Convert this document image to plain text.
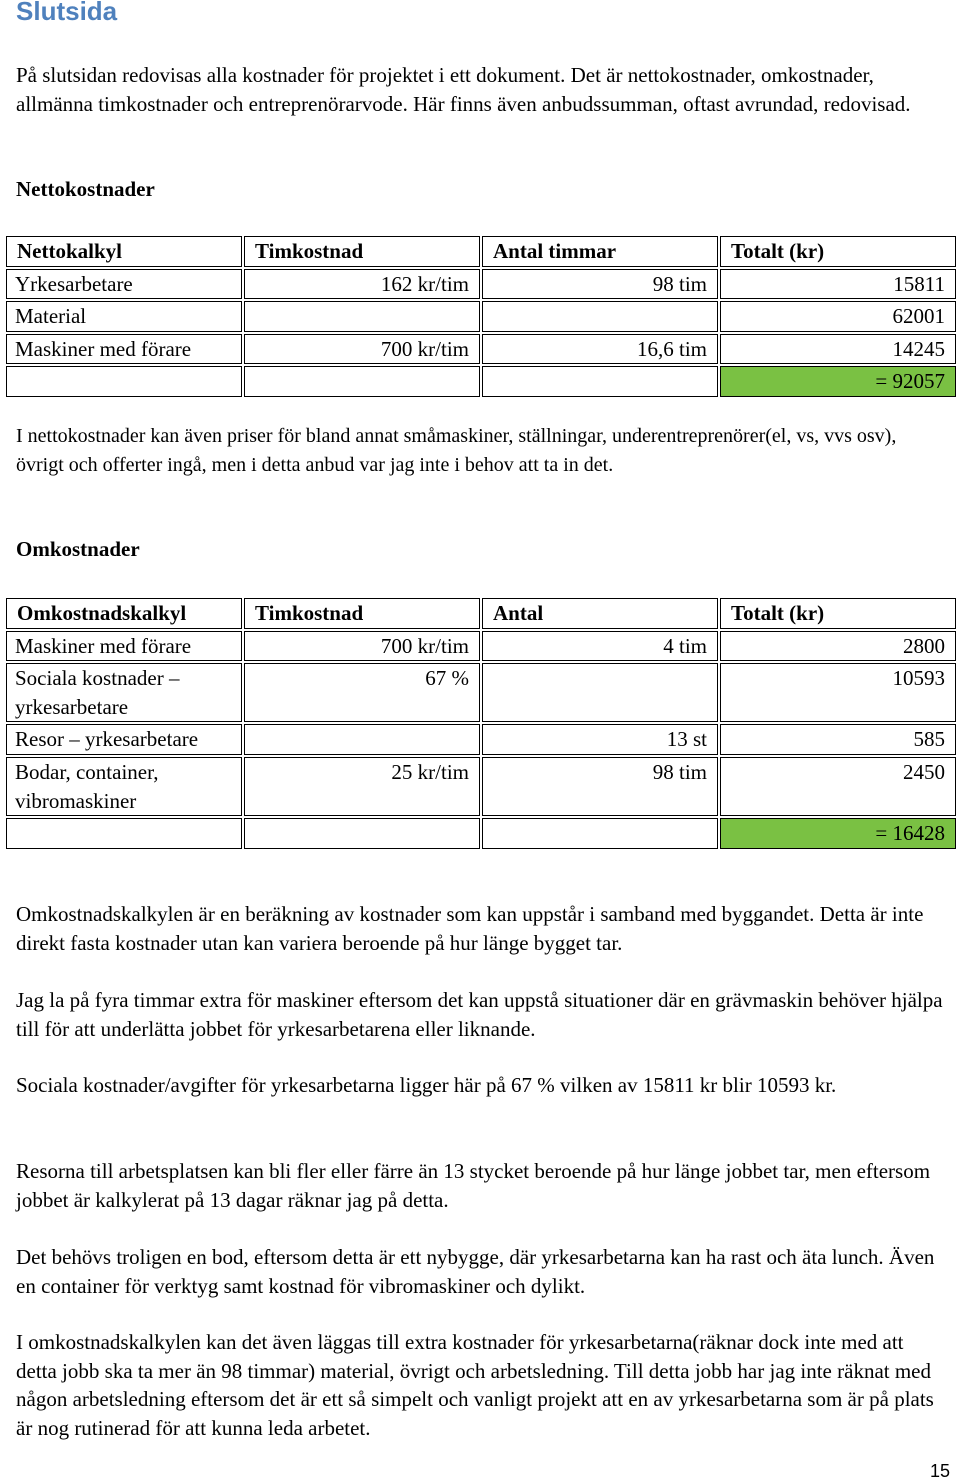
Slutsida

På slutsidan redovisas alla kostnader för projektet i ett dokument. Det är nettokostnader, omkostnader, allmänna timkostnader och entreprenörarvode. Här finns även anbudssumman, oftast avrundad, redovisad.

Nettokostnader

Nettokalkyl	Timkostnad	Antal timmar	Totalt (kr)
Yrkesarbetare	162 kr/tim	98 tim	15811
Material			62001
Maskiner med förare	700 kr/tim	16,6 tim	14245
			= 92057

I nettokostnader kan även priser för bland annat småmaskiner, ställningar, underentreprenörer(el, vs, vvs osv), övrigt och offerter ingå, men i detta anbud var jag inte i behov att ta in det.

Omkostnader

Omkostnadskalkyl	Timkostnad	Antal	Totalt (kr)
Maskiner med förare	700 kr/tim	4 tim	2800
Sociala kostnader – yrkesarbetare	67 %		10593
Resor – yrkesarbetare		13 st	585
Bodar, container, vibromaskiner	25 kr/tim	98 tim	2450
			= 16428

Omkostnadskalkylen är en beräkning av kostnader som kan uppstår i samband med byggandet. Detta är inte direkt fasta kostnader utan kan variera beroende på hur länge bygget tar.

Jag la på fyra timmar extra för maskiner eftersom det kan uppstå situationer där en grävmaskin behöver hjälpa till för att underlätta jobbet för yrkesarbetarena eller liknande.

Sociala kostnader/avgifter för yrkesarbetarna ligger här på 67 % vilken av 15811 kr blir 10593 kr.

Resorna till arbetsplatsen kan bli fler eller färre än 13 stycket beroende på hur länge jobbet tar, men eftersom jobbet är kalkylerat på 13 dagar räknar jag på detta.

Det behövs troligen en bod, eftersom detta är ett nybygge, där yrkesarbetarna kan ha rast och äta lunch. Även en container för verktyg samt kostnad för vibromaskiner och dylikt.

I omkostnadskalkylen kan det även läggas till extra kostnader för yrkesarbetarna(räknar dock inte med att detta jobb ska ta mer än 98 timmar) material, övrigt och arbetsledning. Till detta jobb har jag inte räknat med någon arbetsledning eftersom det är ett så simpelt och vanligt projekt att en av yrkesarbetarna som är på plats är nog rutinerad för att kunna leda arbetet.

15
